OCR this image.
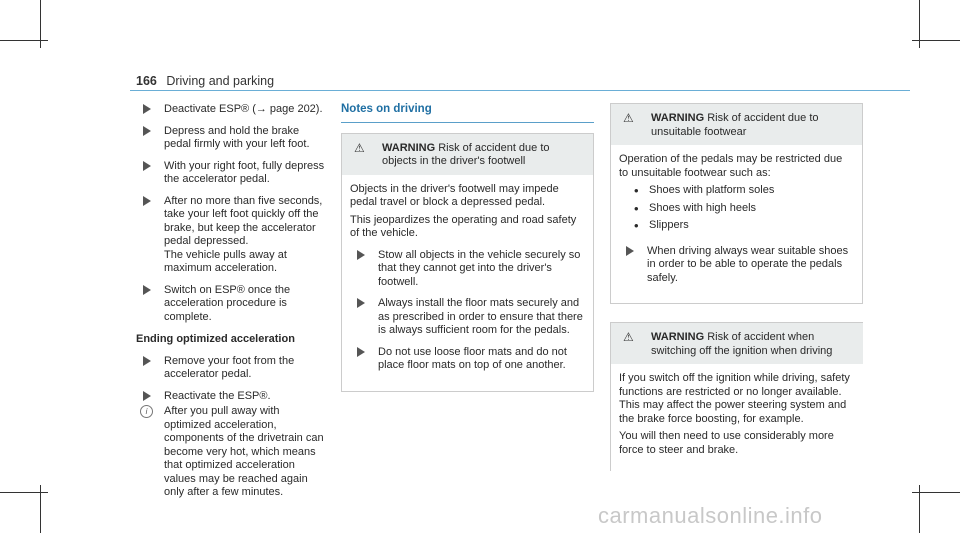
166 Driving and parking
Deactivate ESP® (→ page 202).
Depress and hold the brake pedal firmly with your left foot.
With your right foot, fully depress the accelerator pedal.
After no more than five seconds, take your left foot quickly off the brake, but keep the accelerator pedal depressed.
The vehicle pulls away at maximum acceleration.
Switch on ESP® once the acceleration procedure is complete.
Ending optimized acceleration
Remove your foot from the accelerator pedal.
Reactivate the ESP®.
i	After you pull away with optimized acceleration, components of the drivetrain can become very hot, which means that optimized acceleration values may be reached again only after a few minutes.
Notes on driving
⚠	WARNING Risk of accident due to objects in the driver's footwell

Objects in the driver's footwell may impede pedal travel or block a depressed pedal.

This jeopardizes the operating and road safety of the vehicle.

Stow all objects in the vehicle securely so that they cannot get into the driver's footwell.
Always install the floor mats securely and as prescribed in order to ensure that there is always sufficient room for the pedals.
Do not use loose floor mats and do not place floor mats on top of one another.
⚠	WARNING Risk of accident due to unsuitable footwear

Operation of the pedals may be restricted due to unsuitable footwear such as:

• Shoes with platform soles
• Shoes with high heels
• Slippers
When driving always wear suitable shoes in order to be able to operate the pedals safely.
⚠	WARNING Risk of accident when switching off the ignition when driving

If you switch off the ignition while driving, safety functions are restricted or no longer available. This may affect the power steering system and the brake force boosting, for example.

You will then need to use considerably more force to steer and brake.

carmanualsonline.info
